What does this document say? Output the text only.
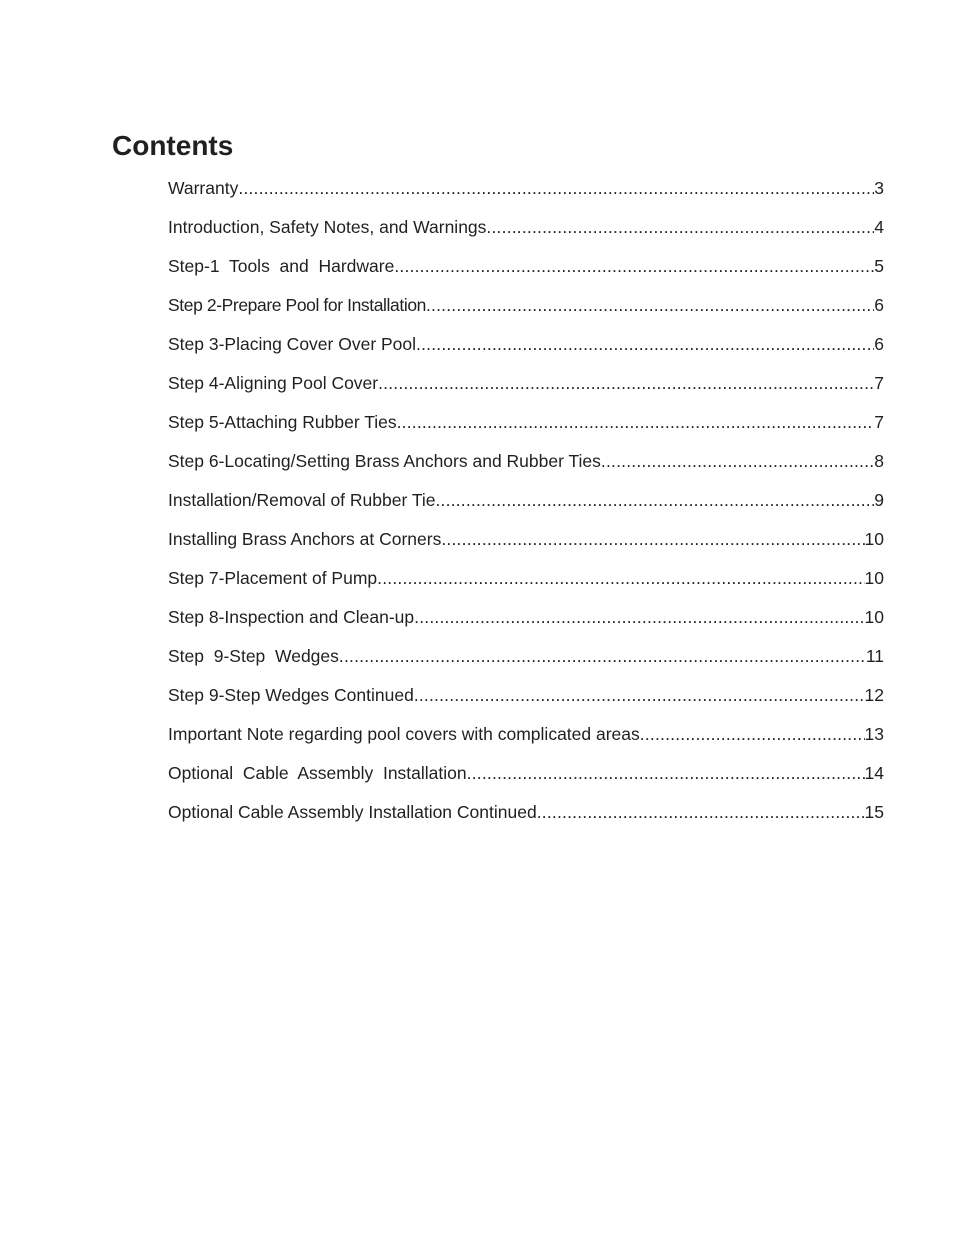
Contents
Warranty .....	3
Introduction, Safety Notes, and Warnings .....	4
Step-1  Tools  and  Hardware .....	5
Step 2-Prepare Pool for Installation .....	6
Step 3-Placing Cover Over Pool .....	6
Step 4-Aligning Pool Cover .....	7
Step 5-Attaching Rubber Ties .....	7
Step 6-Locating/Setting Brass Anchors and Rubber Ties .....	8
Installation/Removal of Rubber Tie .....	9
Installing Brass Anchors at Corners .....	10
Step 7-Placement of Pump .....	10
Step 8-Inspection and Clean-up .....	10
Step  9-Step  Wedges .....	11
Step 9-Step Wedges Continued .....	12
Important Note regarding pool covers with complicated areas .....	13
Optional  Cable  Assembly  Installation .....	14
Optional Cable Assembly Installation Continued .....	15
